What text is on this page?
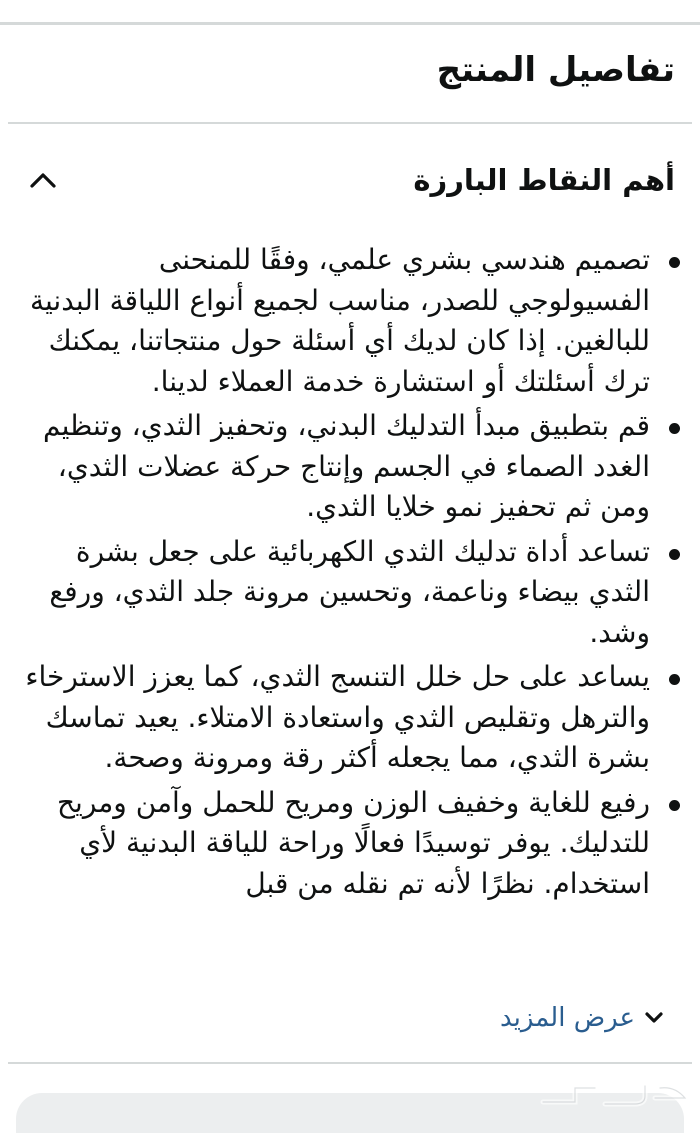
تفاصيل المنتج
أهم النقاط البارزة
تصميم هندسي بشري علمي، وفقًا للمنحنى الفسيولوجي للصدر، مناسب لجميع أنواع اللياقة البدنية للبالغين. إذا كان لديك أي أسئلة حول منتجاتنا، يمكنك ترك أسئلتك أو استشارة خدمة العملاء لدينا.
قم بتطبيق مبدأ التدليك البدني، وتحفيز الثدي، وتنظيم الغدد الصماء في الجسم وإنتاج حركة عضلات الثدي، ومن ثم تحفيز نمو خلايا الثدي.
تساعد أداة تدليك الثدي الكهربائية على جعل بشرة الثدي بيضاء وناعمة، وتحسين مرونة جلد الثدي، ورفع وشد.
يساعد على حل خلل التنسج الثدي، كما يعزز الاسترخاء والترهل وتقليص الثدي واستعادة الامتلاء. يعيد تماسك بشرة الثدي، مما يجعله أكثر رقة ومرونة وصحة.
رفيع للغاية وخفيف الوزن ومريح للحمل وآمن ومريح للتدليك. يوفر توسيدًا فعالًا وراحة للياقة البدنية لأي استخدام. نظرًا لأنه تم نقله من قبل
عرض المزيد
